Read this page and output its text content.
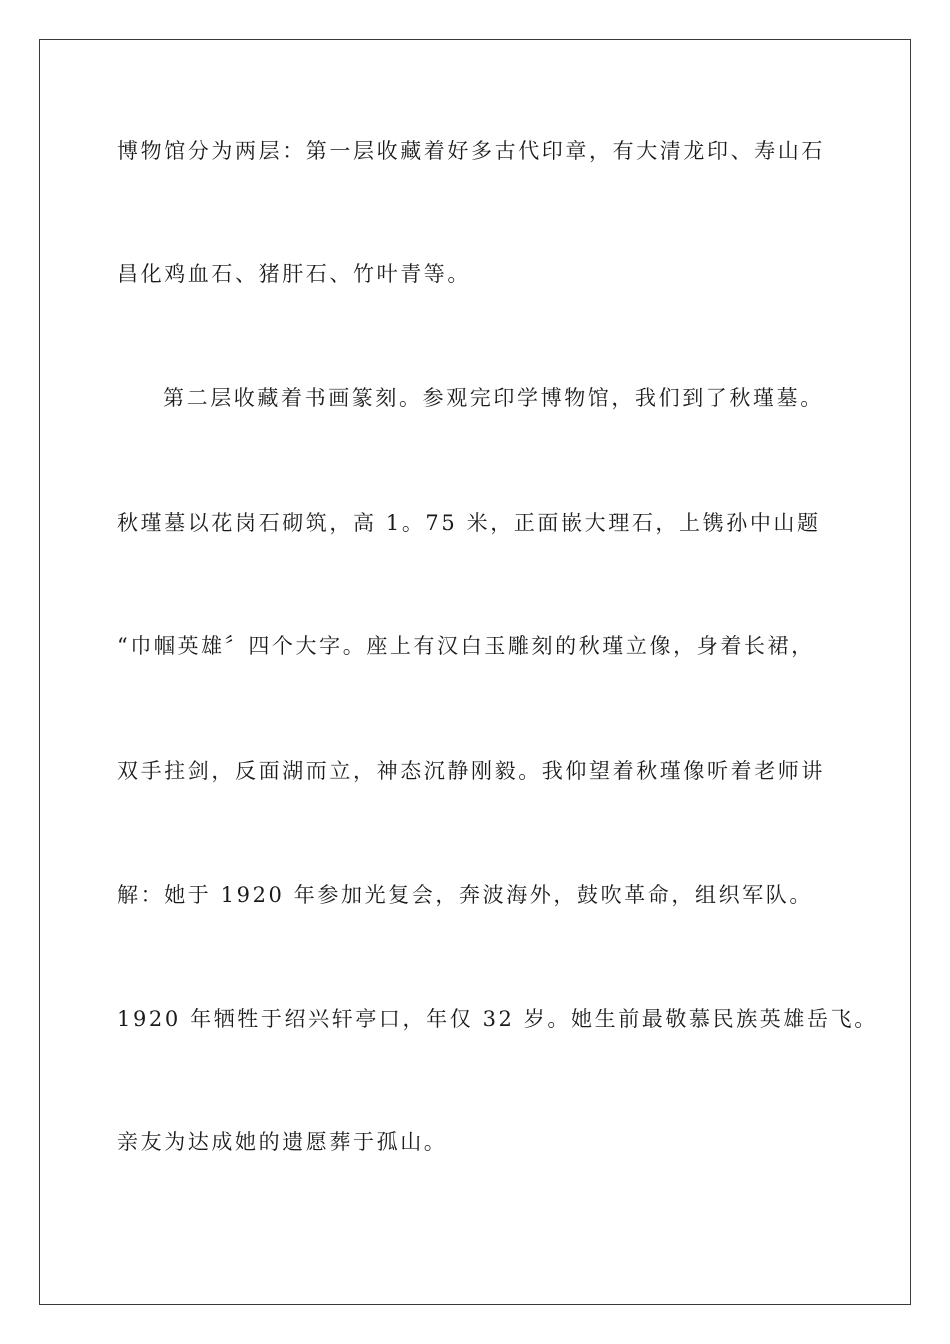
博物馆分为两层：第一层收藏着好多古代印章，有大清龙印、寿山石
昌化鸡血石、猪肝石、竹叶青等。
第二层收藏着书画篆刻。参观完印学博物馆，我们到了秋瑾墓。
秋瑾墓以花岗石砌筑，高 1。75 米，正面嵌大理石，上镌孙中山题
“巾帼英雄〞四个大字。座上有汉白玉雕刻的秋瑾立像，身着长裙，
双手拄剑，反面湖而立，神态沉静刚毅。我仰望着秋瑾像听着老师讲
解：她于 1920 年参加光复会，奔波海外，鼓吹革命，组织军队。
1920 年牺牲于绍兴轩亭口，年仅 32 岁。她生前最敬慕民族英雄岳飞。
亲友为达成她的遗愿葬于孤山。
